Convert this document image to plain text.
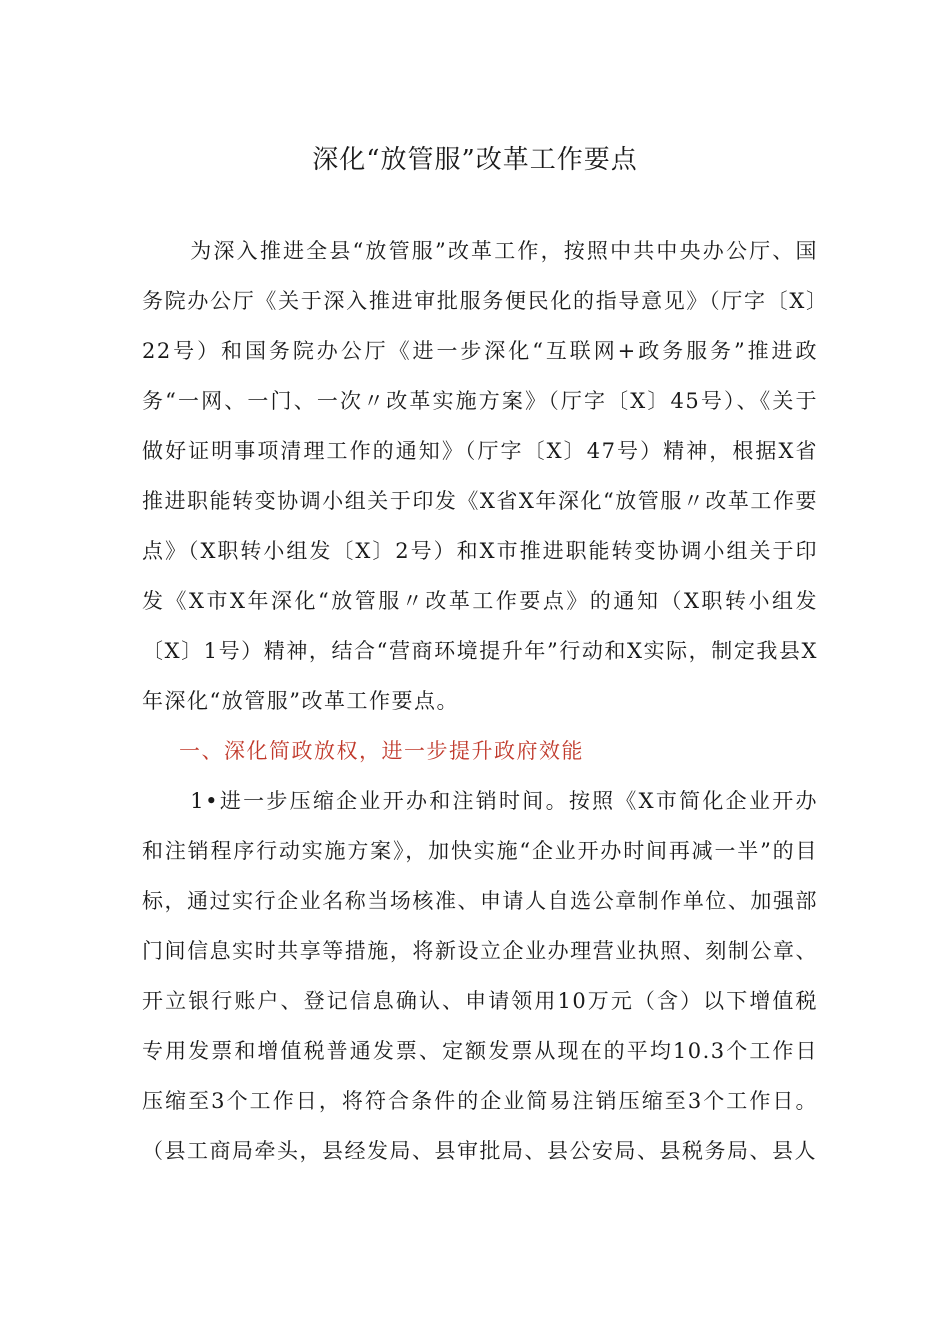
深化“放管服”改革工作要点

为深入推进全县“放管服”改革工作，按照中共中央办公厅、国务院办公厅《关于深入推进审批服务便民化的指导意见》（厅字〔X〕22号）和国务院办公厅《进一步深化“互联网+政务服务”推进政务“一网、一门、一次〃改革实施方案》（厅字〔X〕45号）、《关于做好证明事项清理工作的通知》（厅字〔X〕47号）精神，根据X省推进职能转变协调小组关于印发《X省X年深化“放管服〃改革工作要点》（X职转小组发〔X〕2号）和X市推进职能转变协调小组关于印发《X市X年深化“放管服〃改革工作要点》的通知（X职转小组发〔X〕1号）精神，结合“营商环境提升年”行动和X实际，制定我县X年深化“放管服”改革工作要点。

一、深化简政放权，进一步提升政府效能

1•进一步压缩企业开办和注销时间。按照《X市简化企业开办和注销程序行动实施方案》，加快实施“企业开办时间再减一半”的目标，通过实行企业名称当场核准、申请人自选公章制作单位、加强部门间信息实时共享等措施，将新设立企业办理营业执照、刻制公章、开立银行账户、登记信息确认、申请领用10万元（含）以下增值税专用发票和增值税普通发票、定额发票从现在的平均10.3个工作日压缩至3个工作日，将符合条件的企业简易注销压缩至3个工作日。（县工商局牵头，县经发局、县审批局、县公安局、县税务局、县人
